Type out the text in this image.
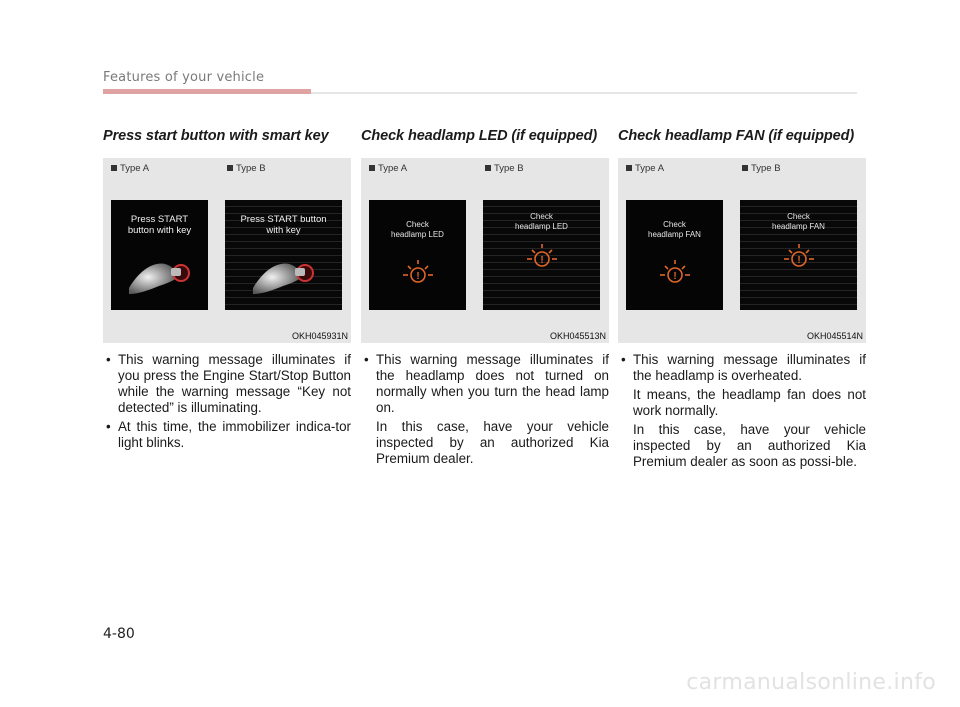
Features of your vehicle
Press start button with smart key
Type A	Type B
Press START
button with key
Press START button
with key
OKH045931N
• This warning message illuminates if you press the Engine Start/Stop Button while the warning message “Key not detected” is illuminating.
• At this time, the immobilizer indica-tor light blinks.
Check headlamp LED (if equipped)
Type A	Type B
Check
headlamp LED
!
Check
headlamp LED
!
OKH045513N
• This warning message illuminates if the headlamp does not turned on normally when you turn the head lamp on.

In this case, have your vehicle inspected by an authorized Kia Premium dealer.

Check headlamp FAN (if equipped)
Type A	Type B
Check
headlamp FAN
!
Check
headlamp FAN
!
OKH045514N
• This warning message illuminates if the headlamp is overheated.

It means, the headlamp fan does not work normally.

In this case, have your vehicle inspected by an authorized Kia Premium dealer as soon as possi-ble.

4-80
carmanualsonline.info
